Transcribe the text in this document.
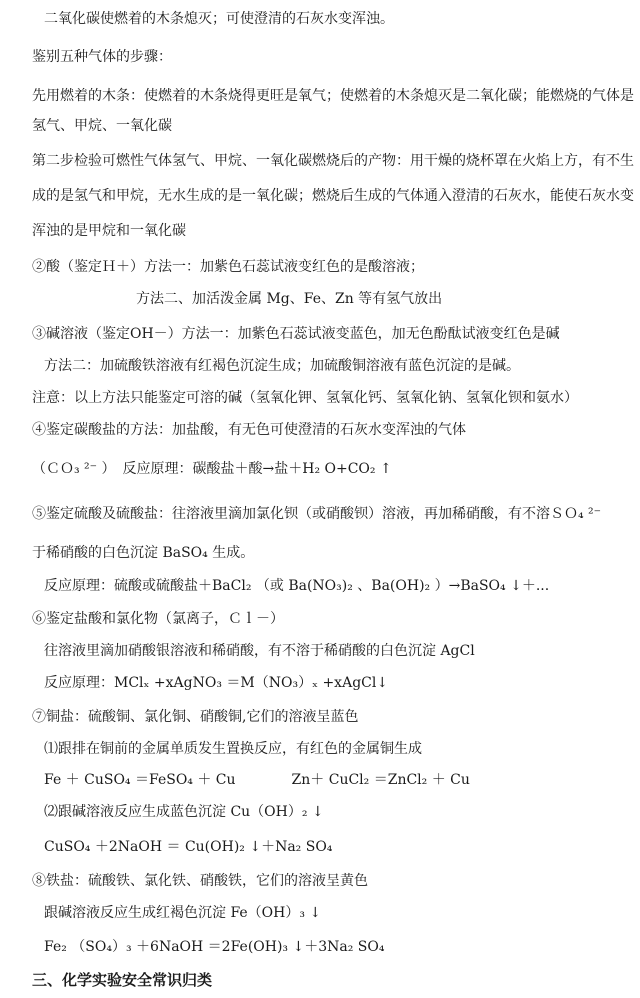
二氧化碳使燃着的木条熄灭；可使澄清的石灰水变浑浊。
鉴别五种气体的步骤：
先用燃着的木条：使燃着的木条烧得更旺是氧气；使燃着的木条熄灭是二氧化碳；能燃烧的气体是
氢气、甲烷、一氧化碳
第二步检验可燃性气体氢气、甲烷、一氧化碳燃烧后的产物：用干燥的烧杯罩在火焰上方，有不生
成的是氢气和甲烷，无水生成的是一氧化碳；燃烧后生成的气体通入澄清的石灰水，能使石灰水变
浑浊的是甲烷和一氧化碳
②酸（鉴定Ｈ＋）方法一：加紫色石蕊试液变红色的是酸溶液；
方法二、加活泼金属 Mg、Fe、Zn 等有氢气放出
③碱溶液（鉴定OH－）方法一：加紫色石蕊试液变蓝色，加无色酚酞试液变红色是碱
方法二：加硫酸铁溶液有红褐色沉淀生成；加硫酸铜溶液有蓝色沉淀的是碱。
注意：以上方法只能鉴定可溶的碱（氢氧化钾、氢氧化钙、氢氧化钠、氢氧化钡和氨水）
④鉴定碳酸盐的方法：加盐酸，有无色可使澄清的石灰水变浑浊的气体
（ＣＯ₃ ²⁻ ）　反应原理：碳酸盐＋酸→盐＋H₂ O+CO₂ ↑
⑤鉴定硫酸及硫酸盐：往溶液里滴加氯化钡（或硝酸钡）溶液，再加稀硝酸，有不溶ＳＯ₄ ²⁻
于稀硝酸的白色沉淀 BaSO₄ 生成。
反应原理：硫酸或硫酸盐＋BaCl₂ （或 Ba(NO₃)₂ 、Ba(OH)₂ ）→BaSO₄ ↓＋...
⑥鉴定盐酸和氯化物（氯离子，Ｃｌ－）
往溶液里滴加硝酸银溶液和稀硝酸，有不溶于稀硝酸的白色沉淀 AgCl
反应原理：MClₓ +xAgNO₃ ＝M（NO₃）ₓ +xAgCl↓
⑦铜盐：硫酸铜、氯化铜、硝酸铜,它们的溶液呈蓝色
⑴跟排在铜前的金属单质发生置换反应，有红色的金属铜生成
Fe ＋ CuSO₄ ＝FeSO₄ ＋ Cu	Zn＋ CuCl₂ ＝ZnCl₂ ＋ Cu
⑵跟碱溶液反应生成蓝色沉淀 Cu（OH）₂ ↓
CuSO₄ ＋2NaOH ＝ Cu(OH)₂ ↓＋Na₂ SO₄
⑧铁盐：硫酸铁、氯化铁、硝酸铁，它们的溶液呈黄色
跟碱溶液反应生成红褐色沉淀 Fe（OH）₃ ↓
Fe₂ （SO₄）₃ ＋6NaOH ＝2Fe(OH)₃ ↓＋3Na₂ SO₄
三、化学实验安全常识归类
